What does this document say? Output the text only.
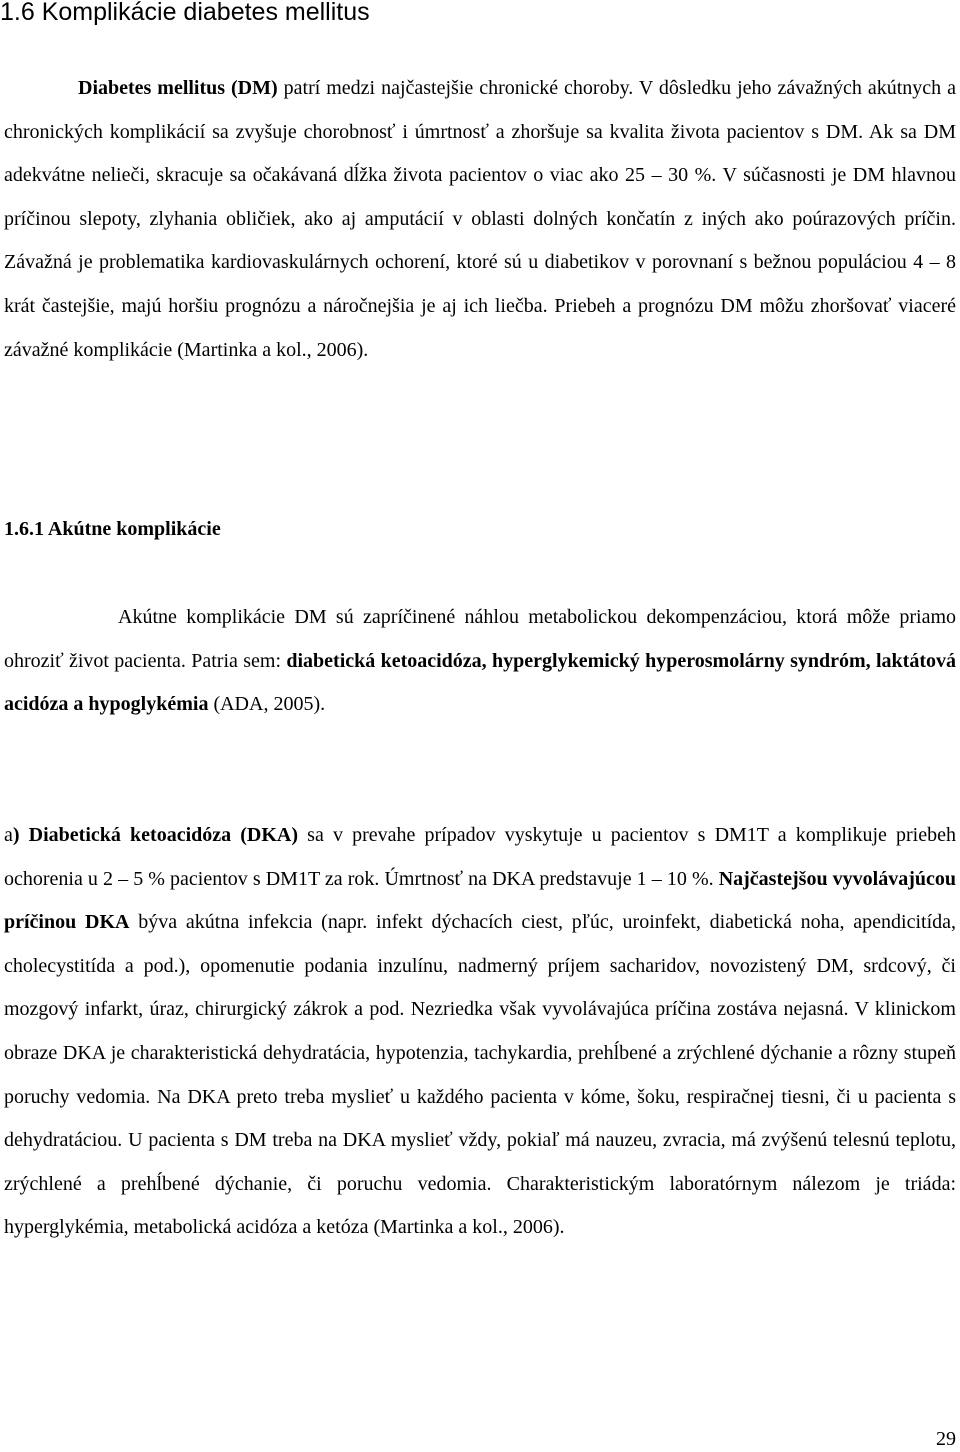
1.6 Komplikácie diabetes mellitus

Diabetes mellitus (DM) patrí medzi najčastejšie chronické choroby. V dôsledku jeho závažných akútnych a chronických komplikácií sa zvyšuje chorobnosť i úmrtnosť a zhoršuje sa kvalita života pacientov s DM. Ak sa DM adekvátne nelieči, skracuje sa očakávaná dĺžka života pacientov o viac ako 25 – 30 %. V súčasnosti je DM hlavnou príčinou slepoty, zlyhania obličiek, ako aj amputácií v oblasti dolných končatín z iných ako poúrazových príčin. Závažná je problematika kardiovaskulárnych ochorení, ktoré sú u diabetikov v porovnaní s bežnou populáciou 4 – 8 krát častejšie, majú horšiu prognózu a náročnejšia je aj ich liečba. Priebeh a prognózu DM môžu zhoršovať viaceré závažné komplikácie (Martinka a kol., 2006).

1.6.1 Akútne komplikácie

Akútne komplikácie DM sú zapríčinené náhlou metabolickou dekompenzáciou, ktorá môže priamo ohroziť život pacienta. Patria sem: diabetická ketoacidóza, hyperglykemický hyperosmolárny syndróm, laktátová acidóza a hypoglykémia (ADA, 2005).

a) Diabetická ketoacidóza (DKA) sa v prevahe prípadov vyskytuje u pacientov s DM1T a komplikuje priebeh ochorenia u 2 – 5 % pacientov s DM1T za rok. Úmrtnosť na DKA predstavuje 1 – 10 %. Najčastejšou vyvolávajúcou príčinou DKA býva akútna infekcia (napr. infekt dýchacích ciest, pľúc, uroinfekt, diabetická noha, apendicitída, cholecystitída a pod.), opomenutie podania inzulínu, nadmerný príjem sacharidov, novozistený DM, srdcový, či mozgový infarkt, úraz, chirurgický zákrok a pod. Nezriedka však vyvolávajúca príčina zostáva nejasná. V klinickom obraze DKA je charakteristická dehydratácia, hypotenzia, tachykardia, prehĺbené a zrýchlené dýchanie a rôzny stupeň poruchy vedomia. Na DKA preto treba myslieť u každého pacienta v kóme, šoku, respiračnej tiesni, či u pacienta s dehydratáciou. U pacienta s DM treba na DKA myslieť vždy, pokiaľ má nauzeu, zvracia, má zvýšenú telesnú teplotu, zrýchlené a prehĺbené dýchanie, či poruchu vedomia. Charakteristickým laboratórnym nálezom je triáda: hyperglykémia, metabolická acidóza a ketóza (Martinka a kol., 2006).

29
